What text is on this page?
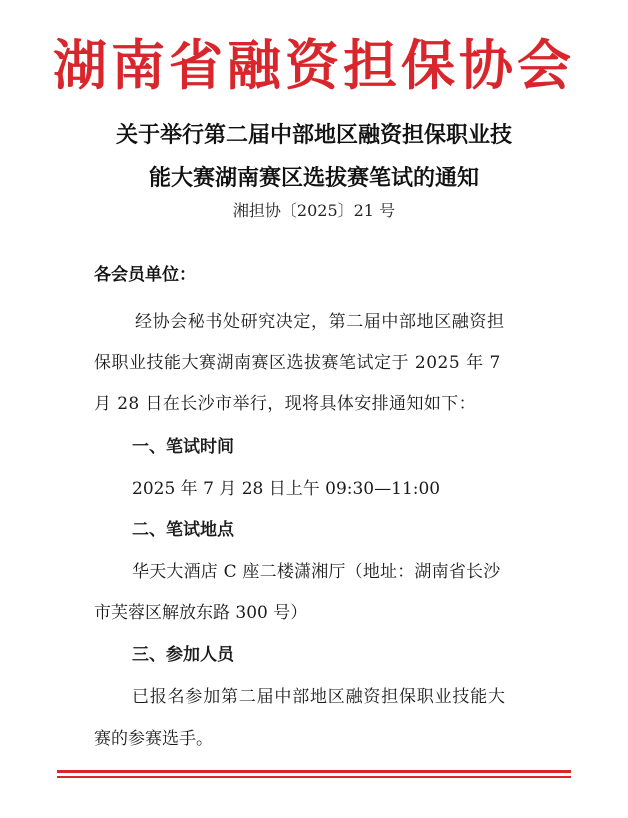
湖南省融资担保协会
关于举行第二届中部地区融资担保职业技
能大赛湖南赛区选拔赛笔试的通知
湘担协〔2025〕21 号
各会员单位：
经协会秘书处研究决定，第二届中部地区融资担
保职业技能大赛湖南赛区选拔赛笔试定于 2025 年 7
月 28 日在长沙市举行，现将具体安排通知如下：
一、笔试时间
2025 年 7 月 28 日上午 09:30—11:00
二、笔试地点
华天大酒店 C 座二楼潇湘厅（地址：湖南省长沙
市芙蓉区解放东路 300 号）
三、参加人员
已报名参加第二届中部地区融资担保职业技能大
赛的参赛选手。
